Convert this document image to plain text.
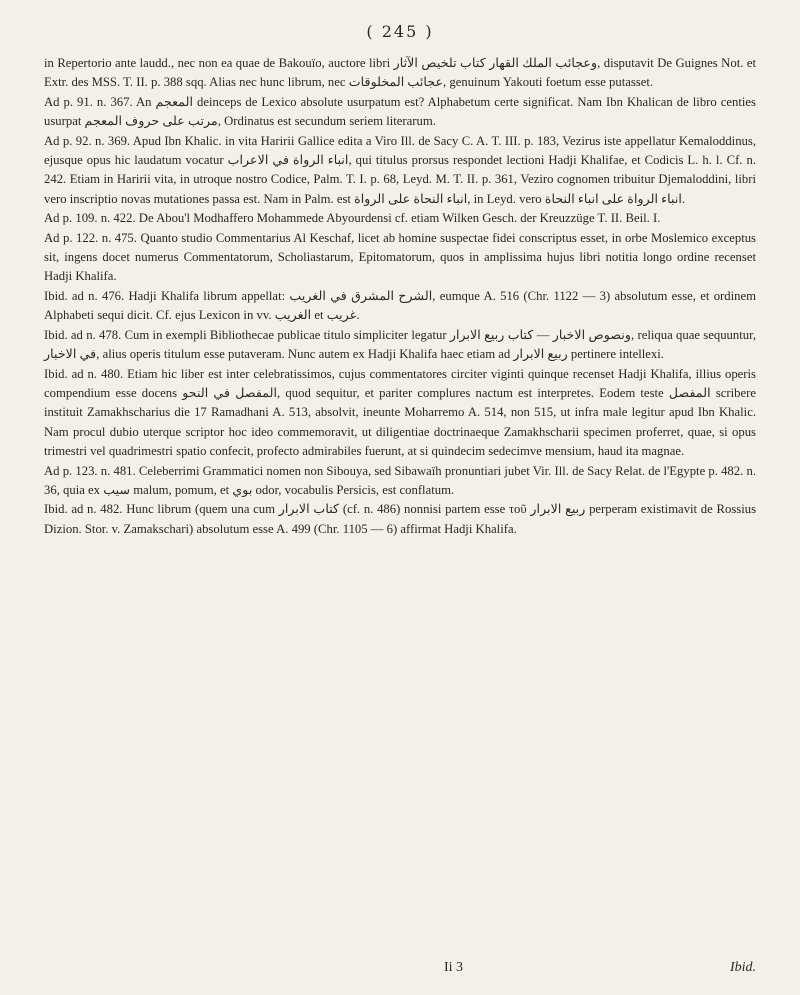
( 245 )

in Repertorio ante laudd., nec non ea quae de Bakouïo, auctore libri ‏كتاب تلخيص الآثار‎ ‏وعجائب الملك القهار‎, disputavit De Guignes Not. et Extr. des MSS. T. II. p. 388 sqq. Alias nec hunc librum, nec ‏عجائب المخلوقات‎, genuinum Yakouti foetum esse putasset.

Ad p. 91. n. 367. An ‏المعجم‎ deinceps de Lexico absolute usurpatum est? Alphabetum certe significat. Nam Ibn Khalican de libro centies usurpat ‏مرتب على حروف المعجم‎, Ordinatus est secundum seriem literarum.

Ad p. 92. n. 369. Apud Ibn Khalic. in vita Haririi Gallice edita a Viro Ill. de Sacy C. A. T. III. p. 183, Vezirus iste appellatur Kemaloddinus, ejusque opus hic laudatum vocatur ‏انباء الرواة في الاعراب‎, qui titulus prorsus respondet lectioni Hadji Khalifae, et Codicis L. h. l. Cf. n. 242. Etiam in Haririi vita, in utroque nostro Codice, Palm. T. I. p. 68, Leyd. M. T. II. p. 361, Veziro cognomen tribuitur Djemaloddini, libri vero inscriptio novas mutationes passa est. Nam in Palm. est ‏انباء النحاة على الرواة‎, in Leyd. vero ‏انباء الرواة على انباء النحاة‎.

Ad p. 109. n. 422. De Abou'l Modhaffero Mohammede Abyourdensi cf. etiam Wilken Gesch. der Kreuzzüge T. II. Beil. I.

Ad p. 122. n. 475. Quanto studio Commentarius Al Keschaf, licet ab homine suspectae fidei conscriptus esset, in orbe Moslemico exceptus sit, ingens docet numerus Commentatorum, Scholiastarum, Epitomatorum, quos in amplissima hujus libri notitia longo ordine recenset Hadji Khalifa.

Ibid. ad n. 476. Hadji Khalifa librum appellat: ‏الشرح المشرق في الغريب‎, eumque A. 516 (Chr. 1122 — 3) absolutum esse, et ordinem Alphabeti sequi dicit. Cf. ejus Lexicon in vv. ‏الغريب‎ et ‏غريب‎.

Ibid. ad n. 478. Cum in exempli Bibliothecae publicae titulo simpliciter legatur ‏كتاب ربيع الابرار‎ — ‏ونصوص الاخبار‎, reliqua quae sequuntur, ‏في الاخبار‎, alius operis titulum esse putaveram. Nunc autem ex Hadji Khalifa haec etiam ad ‏ربيع الابرار‎ pertinere intellexi.

Ibid. ad n. 480. Etiam hic liber est inter celebratissimos, cujus commentatores circiter viginti quinque recenset Hadji Khalifa, illius operis compendium esse docens ‏المفصل في النحو‎, quod sequitur, et pariter complures nactum est interpretes. Eodem teste ‏المفصل‎ scribere instituit Zamakhscharius die 17 Ramadhani A. 513, absolvit, ineunte Moharremo A. 514, non 515, ut infra male legitur apud Ibn Khalic. Nam procul dubio uterque scriptor hoc ideo commemoravit, ut diligentiae doctrinaeque Zamakhscharii specimen proferret, quae, si opus trimestri vel quadrimestri spatio confecit, profecto admirabiles fuerunt, at si quindecim sedecimve mensium, haud ita magnae.

Ad p. 123. n. 481. Celeberrimi Grammatici nomen non Sibouya, sed Sibawaïh pronuntiari jubet Vir. Ill. de Sacy Relat. de l'Egypte p. 482. n. 36, quia ex ‏سيب‎ malum, pomum, et ‏بوي‎ odor, vocabulis Persicis, est conflatum.

Ibid. ad n. 482. Hunc librum (quem una cum ‏كتاب الابرار‎ (cf. n. 486) nonnisi partem esse τοῦ ‏ربيع الابرار‎ perperam existimavit de Rossius Dizion. Stor. v. Zamakschari) absolutum esse A. 499 (Chr. 1105 — 6) affirmat Hadji Khalifa.

Ii 3	Ibid.
